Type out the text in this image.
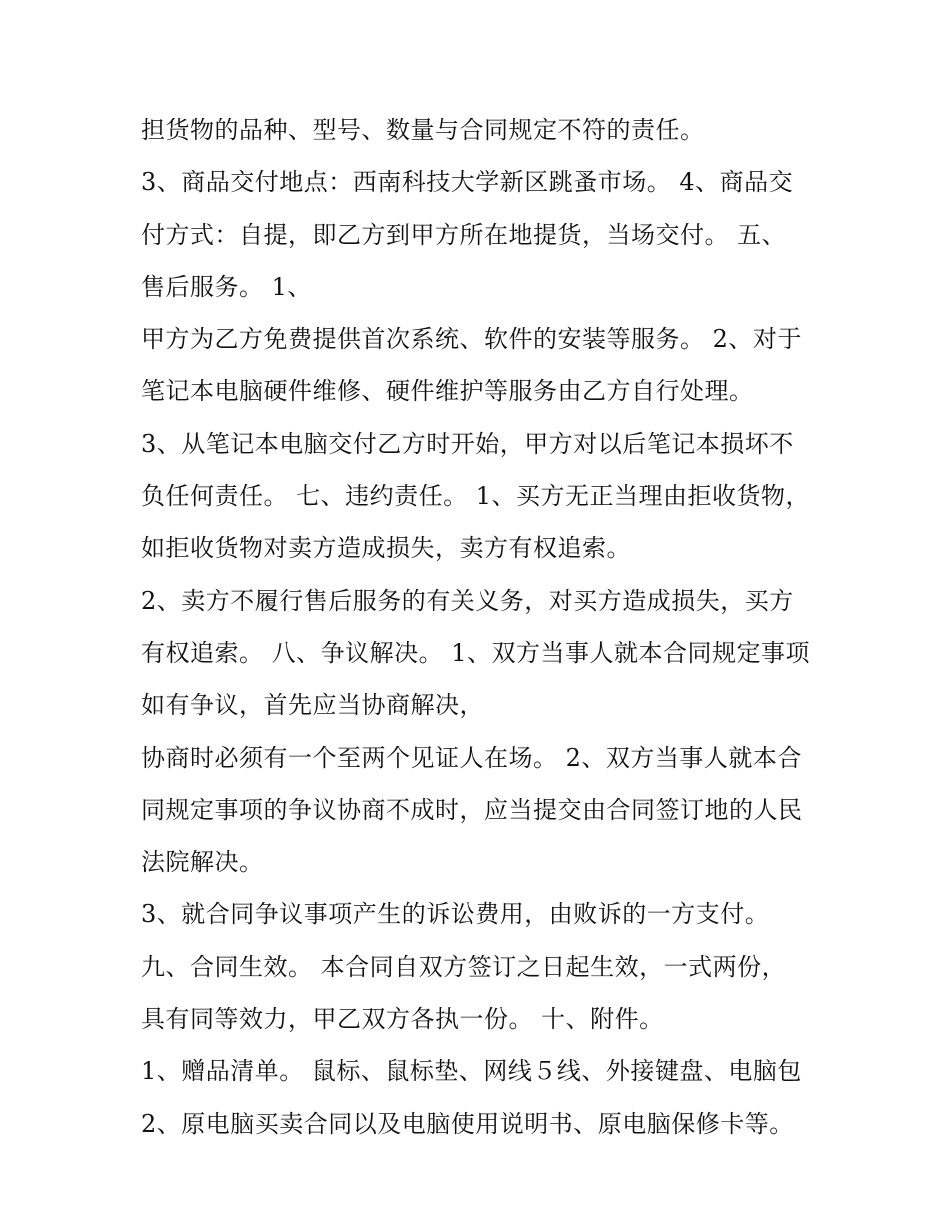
担货物的品种、型号、数量与合同规定不符的责任。
3、商品交付地点：西南科技大学新区跳蚤市场。 4、商品交
付方式：自提，即乙方到甲方所在地提货，当场交付。 五、
售后服务。 1、
甲方为乙方免费提供首次系统、软件的安装等服务。 2、对于
笔记本电脑硬件维修、硬件维护等服务由乙方自行处理。
3、从笔记本电脑交付乙方时开始，甲方对以后笔记本损坏不
负任何责任。 七、违约责任。 1、买方无正当理由拒收货物，
如拒收货物对卖方造成损失，卖方有权追索。
2、卖方不履行售后服务的有关义务，对买方造成损失，买方
有权追索。 八、争议解决。 1、双方当事人就本合同规定事项
如有争议，首先应当协商解决，
协商时必须有一个至两个见证人在场。 2、双方当事人就本合
同规定事项的争议协商不成时，应当提交由合同签订地的人民
法院解决。
3、就合同争议事项产生的诉讼费用，由败诉的一方支付。
九、合同生效。 本合同自双方签订之日起生效，一式两份，
具有同等效力，甲乙双方各执一份。 十、附件。
1、赠品清单。 鼠标、鼠标垫、网线５线、外接键盘、电脑包
2、原电脑买卖合同以及电脑使用说明书、原电脑保修卡等。
